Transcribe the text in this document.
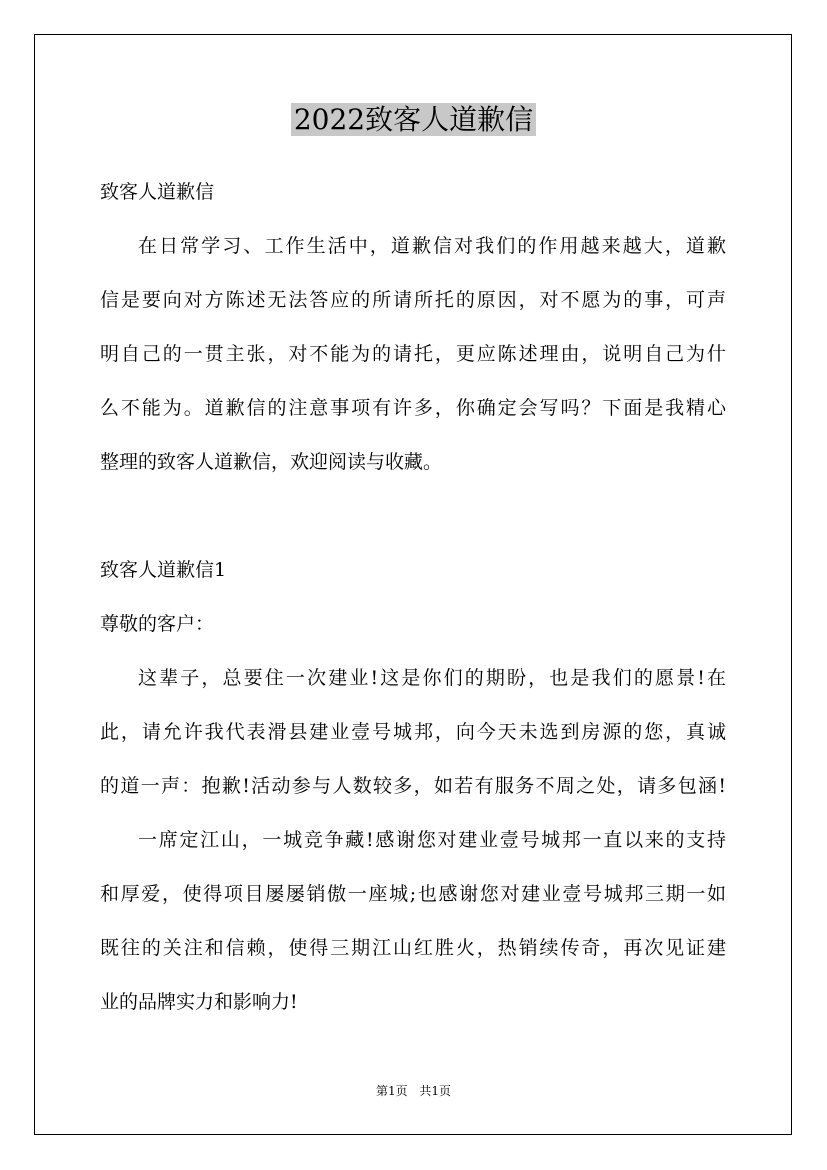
2022致客人道歉信
致客人道歉信
在日常学习、工作生活中，道歉信对我们的作用越来越大，道歉
信是要向对方陈述无法答应的所请所托的原因，对不愿为的事，可声
明自己的一贯主张，对不能为的请托，更应陈述理由，说明自己为什
么不能为。道歉信的注意事项有许多，你确定会写吗？下面是我精心
整理的致客人道歉信，欢迎阅读与收藏。
致客人道歉信1
尊敬的客户：
这辈子，总要住一次建业!这是你们的期盼，也是我们的愿景!在
此，请允许我代表滑县建业壹号城邦，向今天未选到房源的您，真诚
的道一声：抱歉!活动参与人数较多，如若有服务不周之处，请多包涵!
一席定江山，一城竞争藏!感谢您对建业壹号城邦一直以来的支持
和厚爱，使得项目屡屡销傲一座城;也感谢您对建业壹号城邦三期一如
既往的关注和信赖，使得三期江山红胜火，热销续传奇，再次见证建
业的品牌实力和影响力!
第1页 共1页
